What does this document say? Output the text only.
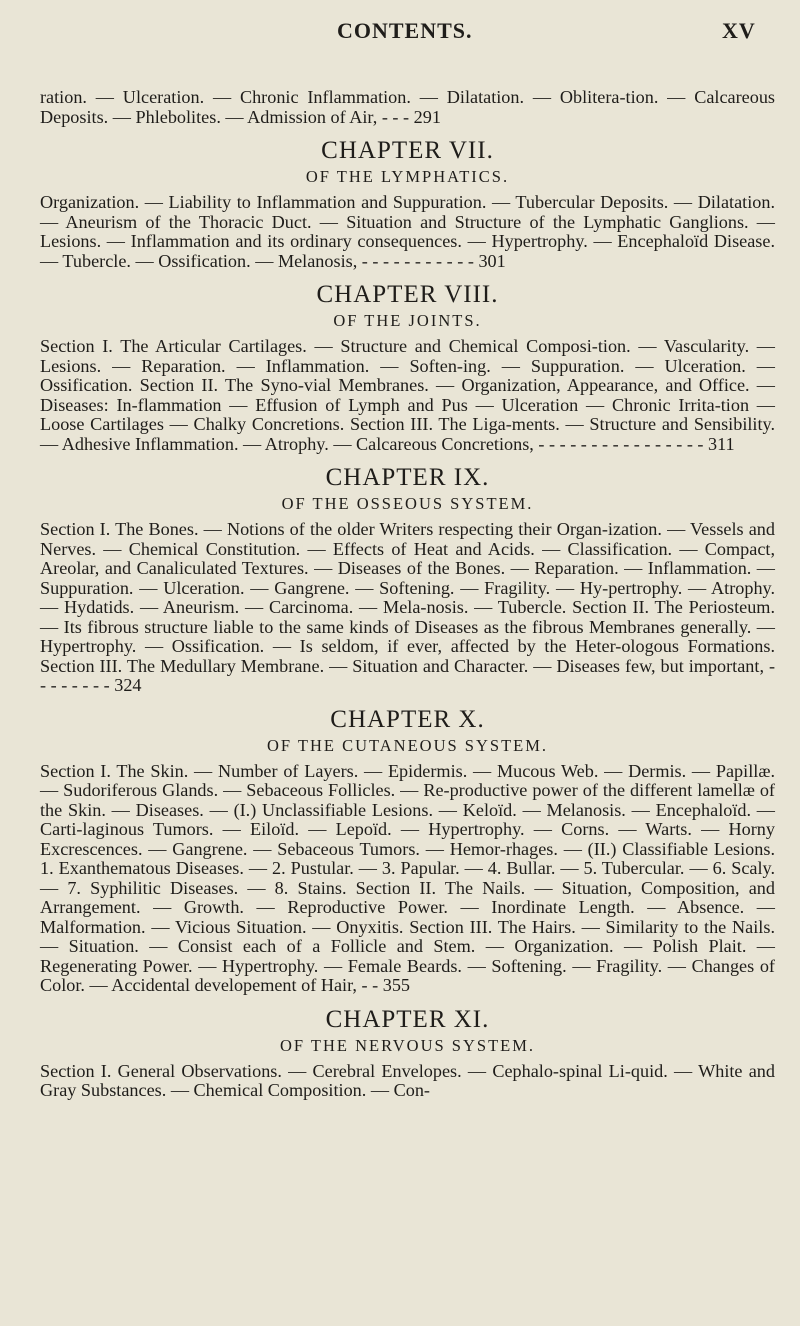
CONTENTS.	XV

ration. — Ulceration. — Chronic Inflammation. — Dilatation. — Oblitera-tion. — Calcareous Deposits. — Phlebolites. — Admission of Air, - - - 291

CHAPTER VII.
OF THE LYMPHATICS.

Organization. — Liability to Inflammation and Suppuration. — Tubercular Deposits. — Dilatation. — Aneurism of the Thoracic Duct. — Situation and Structure of the Lymphatic Ganglions. — Lesions. — Inflammation and its ordinary consequences. — Hypertrophy. — Encephaloïd Disease. — Tubercle. — Ossification. — Melanosis, - - - - - - - - - - - 301

CHAPTER VIII.
OF THE JOINTS.

Section I. The Articular Cartilages. — Structure and Chemical Composi-tion. — Vascularity. — Lesions. — Reparation. — Inflammation. — Soften-ing. — Suppuration. — Ulceration. — Ossification. Section II. The Syno-vial Membranes. — Organization, Appearance, and Office. — Diseases: In-flammation — Effusion of Lymph and Pus — Ulceration — Chronic Irrita-tion — Loose Cartilages — Chalky Concretions. Section III. The Liga-ments. — Structure and Sensibility. — Adhesive Inflammation. — Atrophy. — Calcareous Concretions, - - - - - - - - - - - - - - - - 311

CHAPTER IX.
OF THE OSSEOUS SYSTEM.

Section I. The Bones. — Notions of the older Writers respecting their Organ-ization. — Vessels and Nerves. — Chemical Constitution. — Effects of Heat and Acids. — Classification. — Compact, Areolar, and Canaliculated Textures. — Diseases of the Bones. — Reparation. — Inflammation. — Suppuration. — Ulceration. — Gangrene. — Softening. — Fragility. — Hy-pertrophy. — Atrophy. — Hydatids. — Aneurism. — Carcinoma. — Mela-nosis. — Tubercle. Section II. The Periosteum. — Its fibrous structure liable to the same kinds of Diseases as the fibrous Membranes generally. — Hypertrophy. — Ossification. — Is seldom, if ever, affected by the Heter-ologous Formations. Section III. The Medullary Membrane. — Situation and Character. — Diseases few, but important, - - - - - - - - 324

CHAPTER X.
OF THE CUTANEOUS SYSTEM.

Section I. The Skin. — Number of Layers. — Epidermis. — Mucous Web. — Dermis. — Papillæ. — Sudoriferous Glands. — Sebaceous Follicles. — Re-productive power of the different lamellæ of the Skin. — Diseases. — (I.) Unclassifiable Lesions. — Keloïd. — Melanosis. — Encephaloïd. — Carti-laginous Tumors. — Eiloïd. — Lepoïd. — Hypertrophy. — Corns. — Warts. — Horny Excrescences. — Gangrene. — Sebaceous Tumors. — Hemor-rhages. — (II.) Classifiable Lesions. 1. Exanthematous Diseases. — 2. Pustular. — 3. Papular. — 4. Bullar. — 5. Tubercular. — 6. Scaly. — 7. Syphilitic Diseases. — 8. Stains. Section II. The Nails. — Situation, Composition, and Arrangement. — Growth. — Reproductive Power. — Inordinate Length. — Absence. — Malformation. — Vicious Situation. — Onyxitis. Section III. The Hairs. — Similarity to the Nails. — Situation. — Consist each of a Follicle and Stem. — Organization. — Polish Plait. — Regenerating Power. — Hypertrophy. — Female Beards. — Softening. — Fragility. — Changes of Color. — Accidental developement of Hair, - - 355

CHAPTER XI.
OF THE NERVOUS SYSTEM.

Section I. General Observations. — Cerebral Envelopes. — Cephalo-spinal Li-quid. — White and Gray Substances. — Chemical Composition. — Con-
